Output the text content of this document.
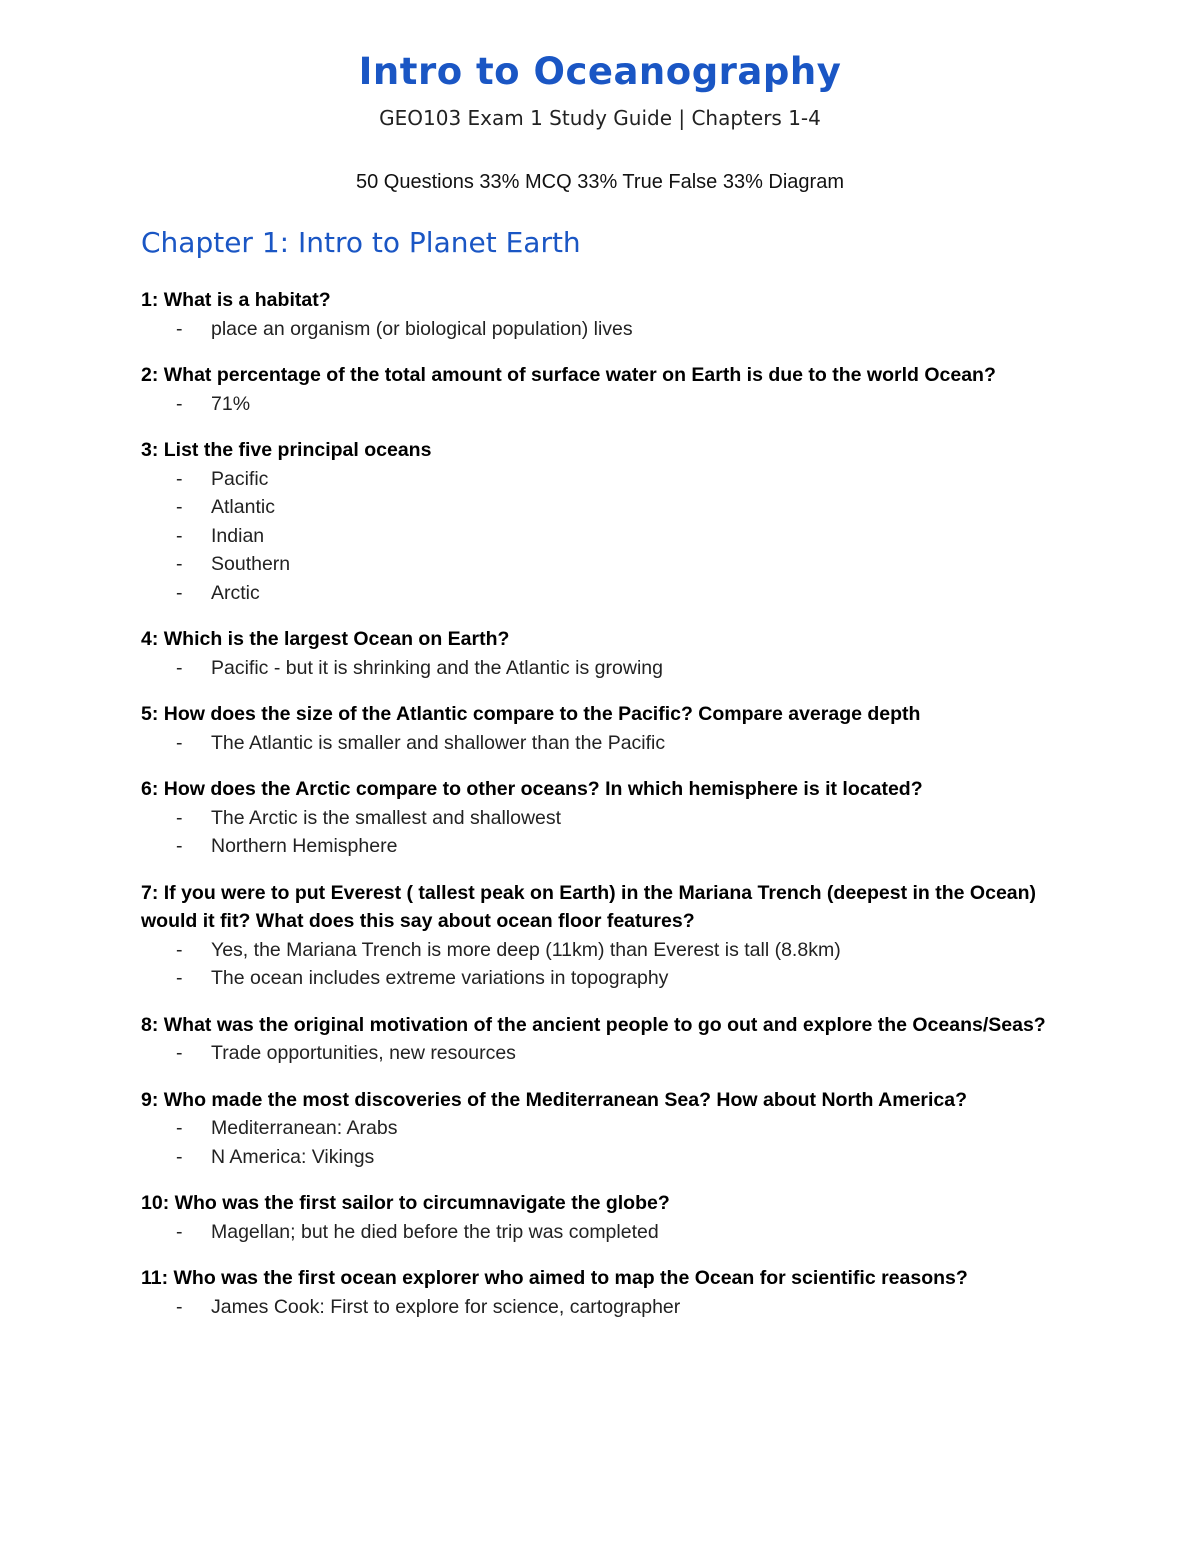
Intro to Oceanography
GEO103 Exam 1 Study Guide | Chapters 1-4
50 Questions 33% MCQ 33% True False 33% Diagram
Chapter 1: Intro to Planet Earth
1: What is a habitat?
- place an organism (or biological population) lives
2: What percentage of the total amount of surface water on Earth is due to the world Ocean?
- 71%
3: List the five principal oceans
- Pacific
- Atlantic
- Indian
- Southern
- Arctic
4: Which is the largest Ocean on Earth?
- Pacific - but it is shrinking and the Atlantic is growing
5: How does the size of the Atlantic compare to the Pacific? Compare average depth
- The Atlantic is smaller and shallower than the Pacific
6: How does the Arctic compare to other oceans? In which hemisphere is it located?
- The Arctic is the smallest and shallowest
- Northern Hemisphere
7: If you were to put Everest ( tallest peak on Earth) in the Mariana Trench (deepest in the Ocean) would it fit? What does this say about ocean floor features?
- Yes, the Mariana Trench is more deep (11km) than Everest is tall (8.8km)
- The ocean includes extreme variations in topography
8: What was the original motivation of the ancient people to go out and explore the Oceans/Seas?
- Trade opportunities, new resources
9: Who made the most discoveries of the Mediterranean Sea? How about North America?
- Mediterranean: Arabs
- N America: Vikings
10: Who was the first sailor to circumnavigate the globe?
- Magellan; but he died before the trip was completed
11: Who was the first ocean explorer who aimed to map the Ocean for scientific reasons?
- James Cook: First to explore for science, cartographer
